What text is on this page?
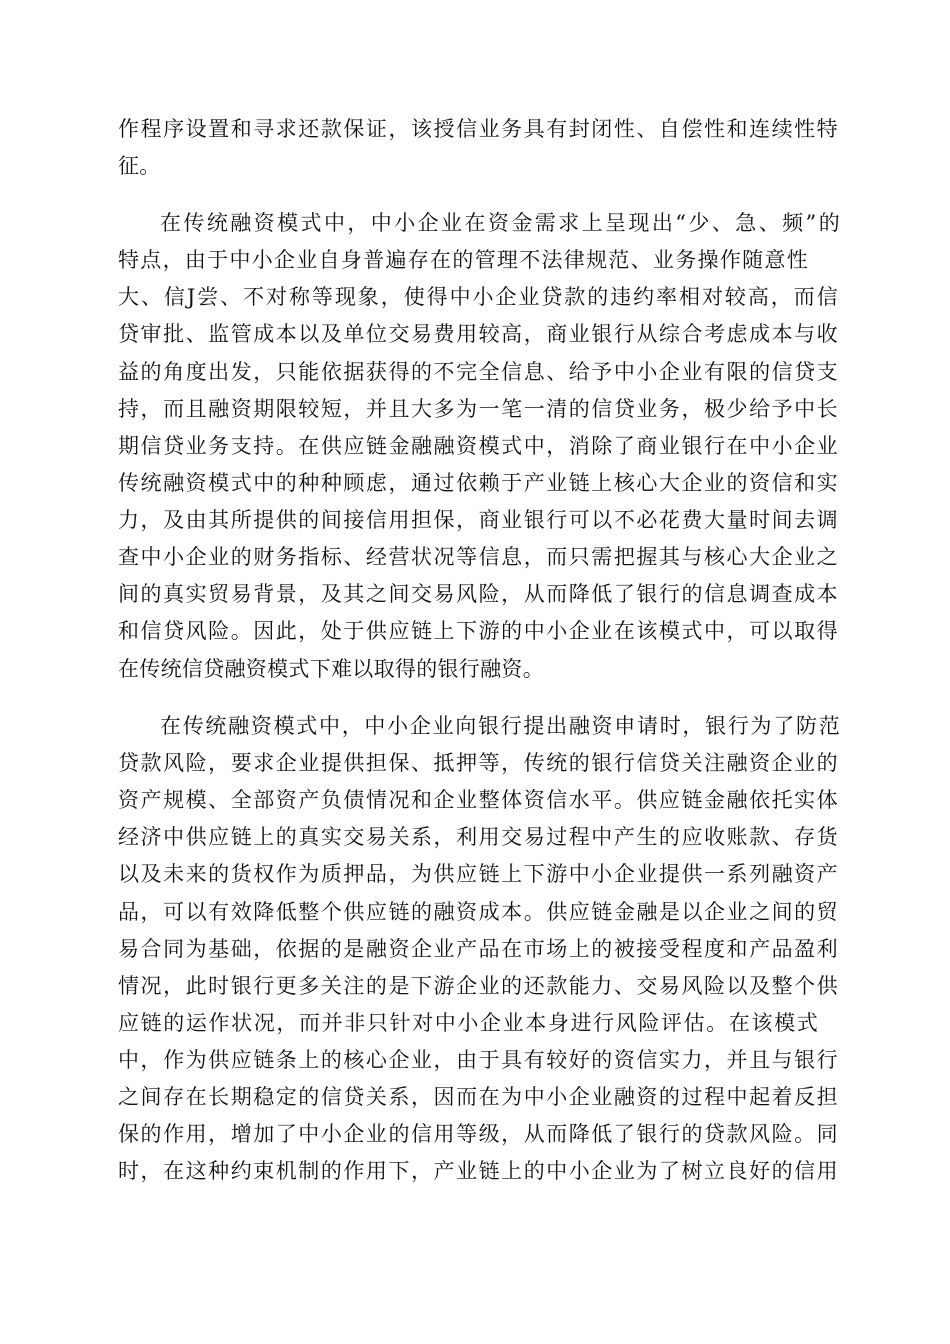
作程序设置和寻求还款保证，该授信业务具有封闭性、自偿性和连续性特
征。
在传统融资模式中，中小企业在资金需求上呈现出“少、急、频”的
特点，由于中小企业自身普遍存在的管理不法律规范、业务操作随意性
大、信J尝、不对称等现象，使得中小企业贷款的违约率相对较高，而信
贷审批、监管成本以及单位交易费用较高，商业银行从综合考虑成本与收
益的角度出发，只能依据获得的不完全信息、给予中小企业有限的信贷支
持，而且融资期限较短，并且大多为一笔一清的信贷业务，极少给予中长
期信贷业务支持。在供应链金融融资模式中，消除了商业银行在中小企业
传统融资模式中的种种顾虑，通过依赖于产业链上核心大企业的资信和实
力，及由其所提供的间接信用担保，商业银行可以不必花费大量时间去调
查中小企业的财务指标、经营状况等信息，而只需把握其与核心大企业之
间的真实贸易背景，及其之间交易风险，从而降低了银行的信息调查成本
和信贷风险。因此，处于供应链上下游的中小企业在该模式中，可以取得
在传统信贷融资模式下难以取得的银行融资。
在传统融资模式中，中小企业向银行提出融资申请时，银行为了防范
贷款风险，要求企业提供担保、抵押等，传统的银行信贷关注融资企业的
资产规模、全部资产负债情况和企业整体资信水平。供应链金融依托实体
经济中供应链上的真实交易关系，利用交易过程中产生的应收账款、存货
以及未来的货权作为质押品，为供应链上下游中小企业提供一系列融资产
品，可以有效降低整个供应链的融资成本。供应链金融是以企业之间的贸
易合同为基础，依据的是融资企业产品在市场上的被接受程度和产品盈利
情况，此时银行更多关注的是下游企业的还款能力、交易风险以及整个供
应链的运作状况，而并非只针对中小企业本身进行风险评估。在该模式
中，作为供应链条上的核心企业，由于具有较好的资信实力，并且与银行
之间存在长期稳定的信贷关系，因而在为中小企业融资的过程中起着反担
保的作用，增加了中小企业的信用等级，从而降低了银行的贷款风险。同
时，在这种约束机制的作用下，产业链上的中小企业为了树立良好的信用
